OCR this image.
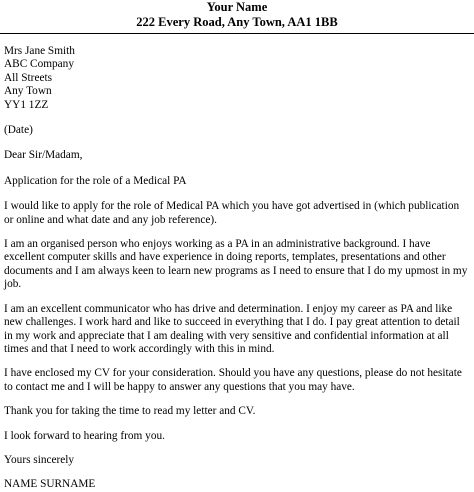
Your Name
222 Every Road, Any Town, AA1 1BB
Mrs Jane Smith
ABC Company
All Streets
Any Town
YY1 1ZZ

(Date)

Dear Sir/Madam,

Application for the role of a Medical PA

I would like to apply for the role of Medical PA which you have got advertised in (which publication or online and what date and any job reference).

I am an organised person who enjoys working as a PA in an administrative background. I have excellent computer skills and have experience in doing reports, templates, presentations and other documents and I am always keen to learn new programs as I need to ensure that I do my upmost in my job.

I am an excellent communicator who has drive and determination. I enjoy my career as PA and like new challenges. I work hard and like to succeed in everything that I do. I pay great attention to detail in my work and appreciate that I am dealing with very sensitive and confidential information at all times and that I need to work accordingly with this in mind.

I have enclosed my CV for your consideration. Should you have any questions, please do not hesitate to contact me and I will be happy to answer any questions that you may have.

Thank you for taking the time to read my letter and CV.

I look forward to hearing from you.

Yours sincerely

NAME SURNAME
